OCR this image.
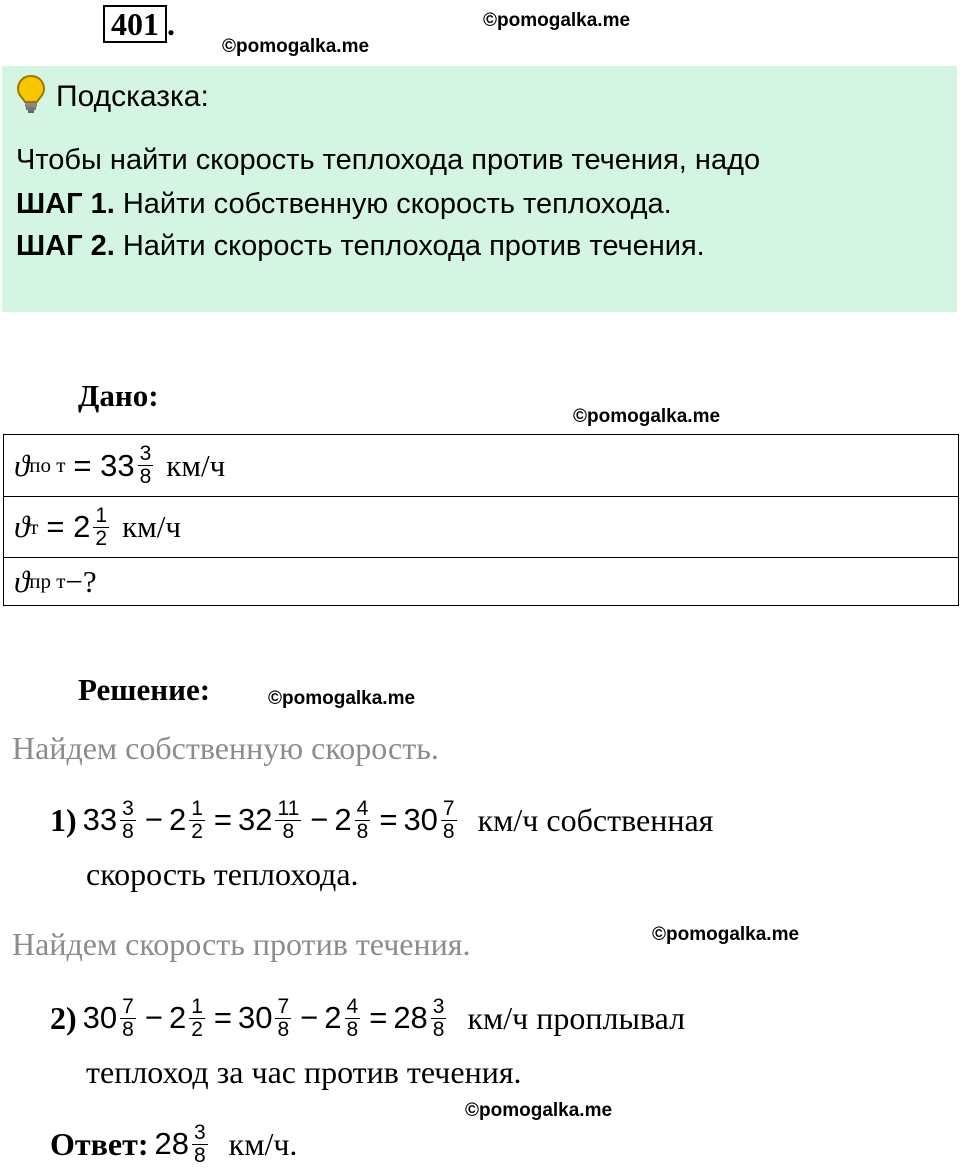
401 .	©pomogalka.me
©pomogalka.me
Подсказка:
Чтобы найти скорость теплохода против течения, надо
ШАГ 1. Найти собственную скорость теплохода.
ШАГ 2. Найти скорость теплохода против течения.
Дано:
©pomogalka.me
ϑ по $т = 33 \frac{3}{8} км/ч$
ϑ $т = 2 \frac{1}{2} км/ч$
ϑ пр т −?
Решение:	©pomogalka.me
Найдем собственную скорость.
1) $33 \frac{3}{8} - 2 \frac{1}{2} = 32 \frac{11}{8} - 2 \frac{4}{8} = 30 \frac{7}{8} км/ч$ собственная
скорость теплохода.
Найдем скорость против течения.	©pomogalka.me
2) $30 \frac{7}{8} - 2 \frac{1}{2} = 30 \frac{7}{8} - 2 \frac{4}{8} = 28 \frac{3}{8} км/ч$ проплывал
теплоход за час против течения.
©pomogalka.me
Ответ: $28 \frac{3}{8} км/ч$.
